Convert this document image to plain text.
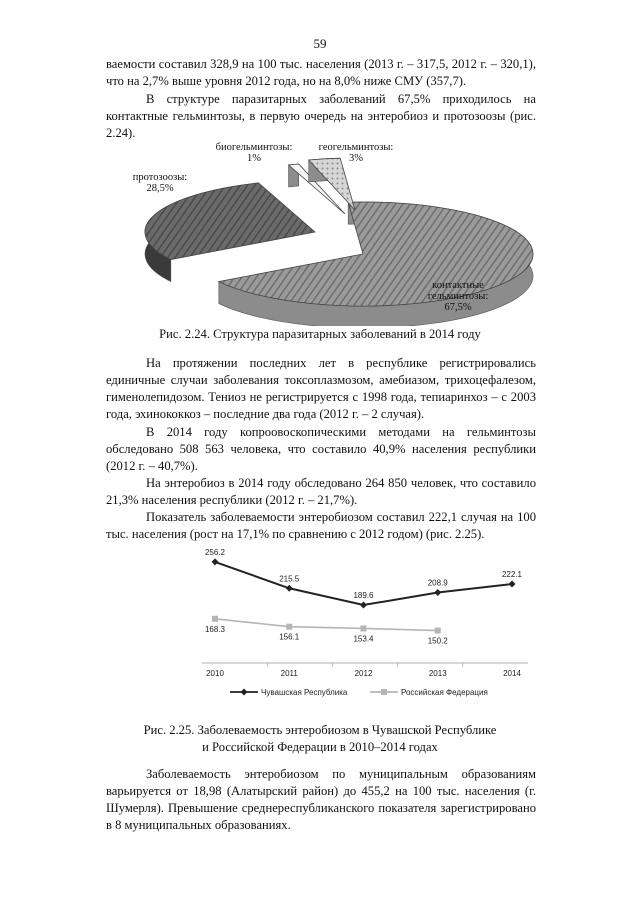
59

ваемости составил 328,9 на 100 тыс. населения (2013 г. – 317,5, 2012 г. – 320,1), что на 2,7% выше уровня 2012 года, но на 8,0% ниже СМУ (357,7).

В структуре паразитарных заболеваний 67,5% приходилось на контактные гельминтозы, в первую очередь на энтеробиоз и протозоозы (рис. 2.24).

контактные гельминтозы: 67,5%
протозоозы: 28,5%
биогельминтозы: 1%
геогельминтозы: 3%
Рис. 2.24. Структура паразитарных заболеваний в 2014 году

На протяжении последних лет в республике регистрировались единичные случаи заболевания токсоплазмозом, амебиазом, трихоцефалезом, гименолепидозом. Тениоз не регистрируется с 1998 года, тепиаринхоз – с 2003 года, эхинококкоз – последние два года (2012 г. – 2 случая).

В 2014 году копроовоскопическими методами на гельминтозы обследовано 508 563 человека, что составило 40,9% населения республики (2012 г. – 40,7%).

На энтеробиоз в 2014 году обследовано 264 850 человек, что составило 21,3% населения республики (2012 г. – 21,7%).

Показатель заболеваемости энтеробиозом составил 222,1 случая на 100 тыс. населения (рост на 17,1% по сравнению с 2012 годом) (рис. 2.25).

2010	2011	2012	2013	2014
256.2
215.5
189.6
208.9
222.1
168.3
156.1	153.4	150.2
Чувашская Республика	Российская Федерация
Рис. 2.25. Заболеваемость энтеробиозом в Чувашской Республике
и Российской Федерации в 2010–2014 годах

Заболеваемость энтеробиозом по муниципальным образованиям варьируется от 18,98 (Алатырский район) до 455,2 на 100 тыс. населения (г. Шумерля). Превышение среднереспубликанского показателя зарегистрировано в 8 муниципальных образованиях.
